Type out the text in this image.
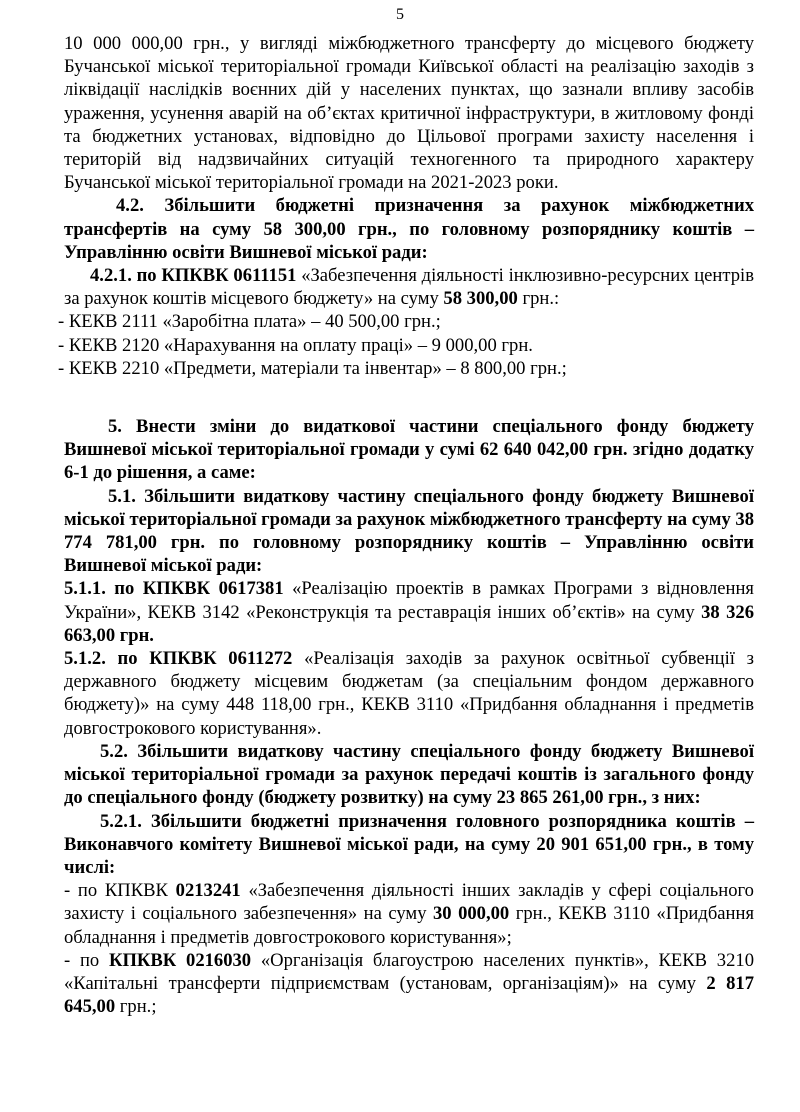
5

10 000 000,00 грн., у вигляді міжбюджетного трансферту до місцевого бюджету Бучанської міської територіальної громади Київської області на реалізацію заходів з ліквідації наслідків воєнних дій у населених пунктах, що зазнали впливу засобів ураження, усунення аварій на об’єктах критичної інфраструктури, в житловому фонді та бюджетних установах, відповідно до Цільової програми захисту населення і територій від надзвичайних ситуацій техногенного та природного характеру Бучанської міської територіальної громади на 2021-2023 роки.

4.2. Збільшити бюджетні призначення за рахунок міжбюджетних трансфертів на суму 58 300,00 грн., по головному розпоряднику коштів – Управлінню освіти Вишневої міської ради:

4.2.1. по КПКВК 0611151 «Забезпечення діяльності інклюзивно-ресурсних центрів за рахунок коштів місцевого бюджету» на суму 58 300,00 грн.:

- КЕКВ 2111 «Заробітна плата» – 40 500,00 грн.;

- КЕКВ 2120 «Нарахування на оплату праці» – 9 000,00 грн.

- КЕКВ 2210 «Предмети, матеріали та інвентар» – 8 800,00 грн.;

5. Внести зміни до видаткової частини спеціального фонду бюджету Вишневої міської територіальної громади у сумі 62 640 042,00 грн. згідно додатку 6-1 до рішення, а саме:

5.1. Збільшити видаткову частину спеціального фонду бюджету Вишневої міської територіальної громади за рахунок міжбюджетного трансферту на суму 38 774 781,00 грн. по головному розпоряднику коштів – Управлінню освіти Вишневої міської ради:

5.1.1. по КПКВК 0617381 «Реалізацію проектів в рамках Програми з відновлення України», КЕКВ 3142 «Реконструкція та реставрація інших об’єктів» на суму 38 326 663,00 грн.

5.1.2. по КПКВК 0611272 «Реалізація заходів за рахунок освітньої субвенції з державного бюджету місцевим бюджетам (за спеціальним фондом державного бюджету)» на суму 448 118,00 грн., КЕКВ 3110 «Придбання обладнання і предметів довгострокового користування».

5.2. Збільшити видаткову частину спеціального фонду бюджету Вишневої міської територіальної громади за рахунок передачі коштів із загального фонду до спеціального фонду (бюджету розвитку) на суму 23 865 261,00 грн., з них:

5.2.1. Збільшити бюджетні призначення головного розпорядника коштів – Виконавчого комітету Вишневої міської ради, на суму 20 901 651,00 грн., в тому числі:

- по КПКВК 0213241 «Забезпечення діяльності інших закладів у сфері соціального захисту і соціального забезпечення» на суму 30 000,00 грн., КЕКВ 3110 «Придбання обладнання і предметів довгострокового користування»;

- по КПКВК 0216030 «Організація благоустрою населених пунктів», КЕКВ 3210 «Капітальні трансферти підприємствам (установам, організаціям)» на суму 2 817 645,00 грн.;
